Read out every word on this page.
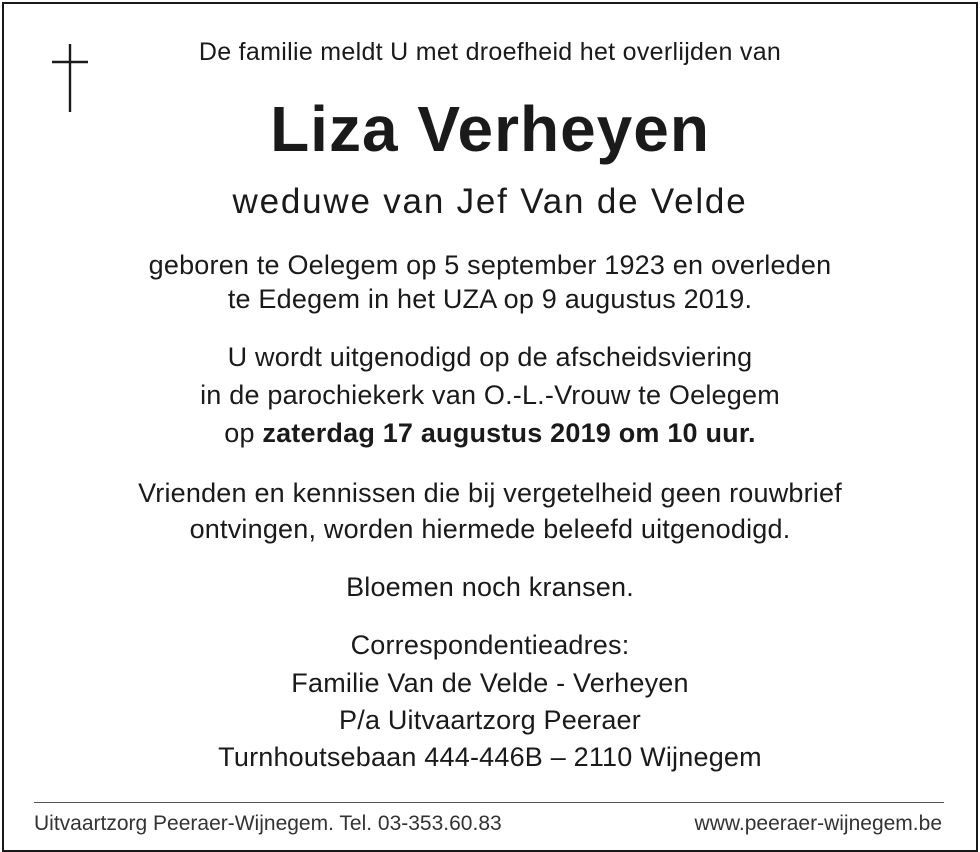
De familie meldt U met droefheid het overlijden van
Liza Verheyen
weduwe van Jef Van de Velde
geboren te Oelegem op 5 september 1923 en overleden
te Edegem in het UZA op 9 augustus 2019.
U wordt uitgenodigd op de afscheidsviering
in de parochiekerk van O.-L.-Vrouw te Oelegem
op zaterdag 17 augustus 2019 om 10 uur.
Vrienden en kennissen die bij vergetelheid geen rouwbrief
ontvingen, worden hiermede beleefd uitgenodigd.
Bloemen noch kransen.
Correspondentieadres:
Familie Van de Velde - Verheyen
P/a Uitvaartzorg Peeraer
Turnhoutsebaan 444-446B – 2110 Wijnegem
Uitvaartzorg Peeraer-Wijnegem. Tel. 03-353.60.83	www.peeraer-wijnegem.be
